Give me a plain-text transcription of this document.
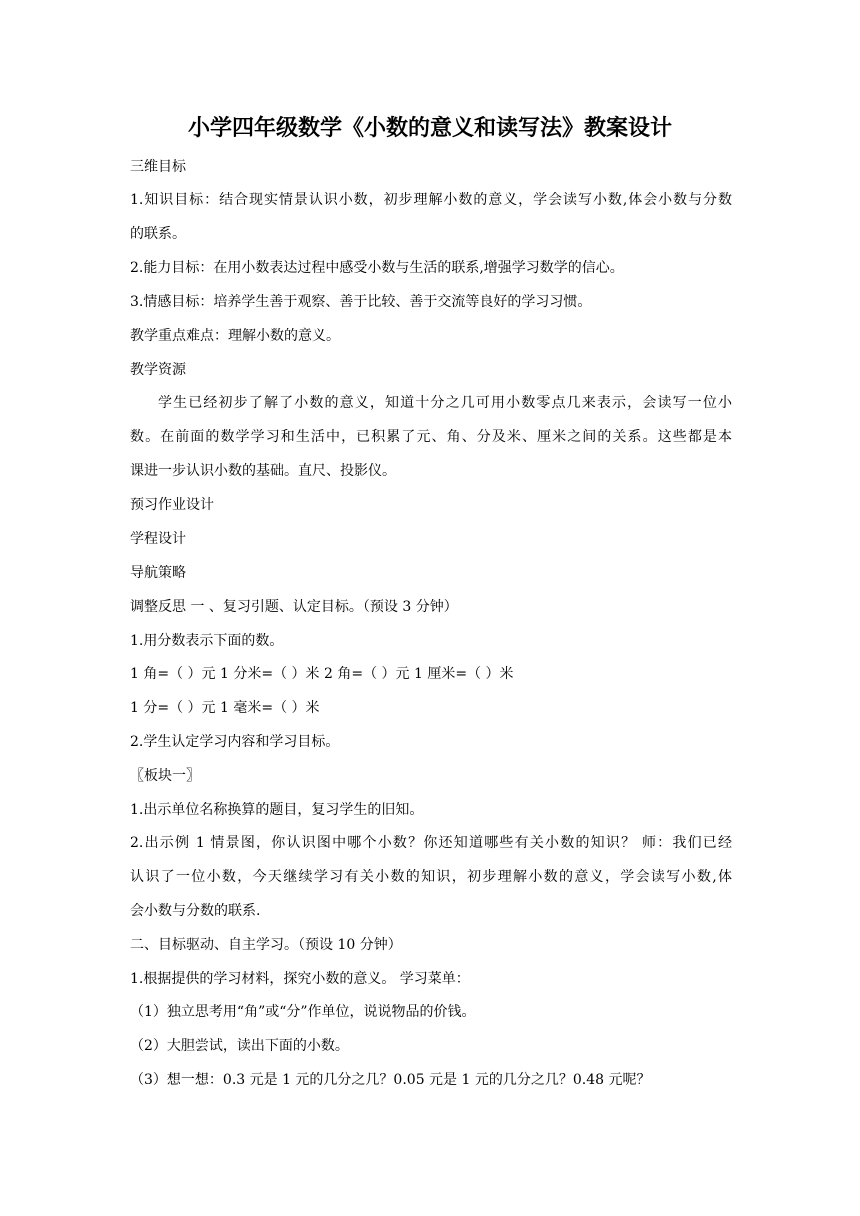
小学四年级数学《小数的意义和读写法》教案设计
三维目标
1.知识目标：结合现实情景认识小数，初步理解小数的意义，学会读写小数,体会小数与分数
的联系。
2.能力目标：在用小数表达过程中感受小数与生活的联系,增强学习数学的信心。
3.情感目标：培养学生善于观察、善于比较、善于交流等良好的学习习惯。
教学重点难点：理解小数的意义。
教学资源
学生已经初步了解了小数的意义，知道十分之几可用小数零点几来表示，会读写一位小
数。在前面的数学学习和生活中，已积累了元、角、分及米、厘米之间的关系。这些都是本
课进一步认识小数的基础。直尺、投影仪。
预习作业设计
学程设计
导航策略
调整反思 一 、复习引题、认定目标。（预设 3 分钟）
1.用分数表示下面的数。
1 角=（ ）元 1 分米=（ ）米 2 角=（ ）元 1 厘米=（ ）米
1 分=（ ）元 1 毫米=（ ）米
2.学生认定学习内容和学习目标。
〖板块一〗
1.出示单位名称换算的题目，复习学生的旧知。
2.出示例 1 情景图，你认识图中哪个小数？你还知道哪些有关小数的知识？ 师：我们已经
认识了一位小数，今天继续学习有关小数的知识，初步理解小数的意义，学会读写小数,体
会小数与分数的联系.
二、目标驱动、自主学习。（预设 10 分钟）
1.根据提供的学习材料，探究小数的意义。 学习菜单：
（1）独立思考用“角”或“分”作单位，说说物品的价钱。
（2）大胆尝试，读出下面的小数。
（3）想一想：0.3 元是 1 元的几分之几？0.05 元是 1 元的几分之几？0.48 元呢？
